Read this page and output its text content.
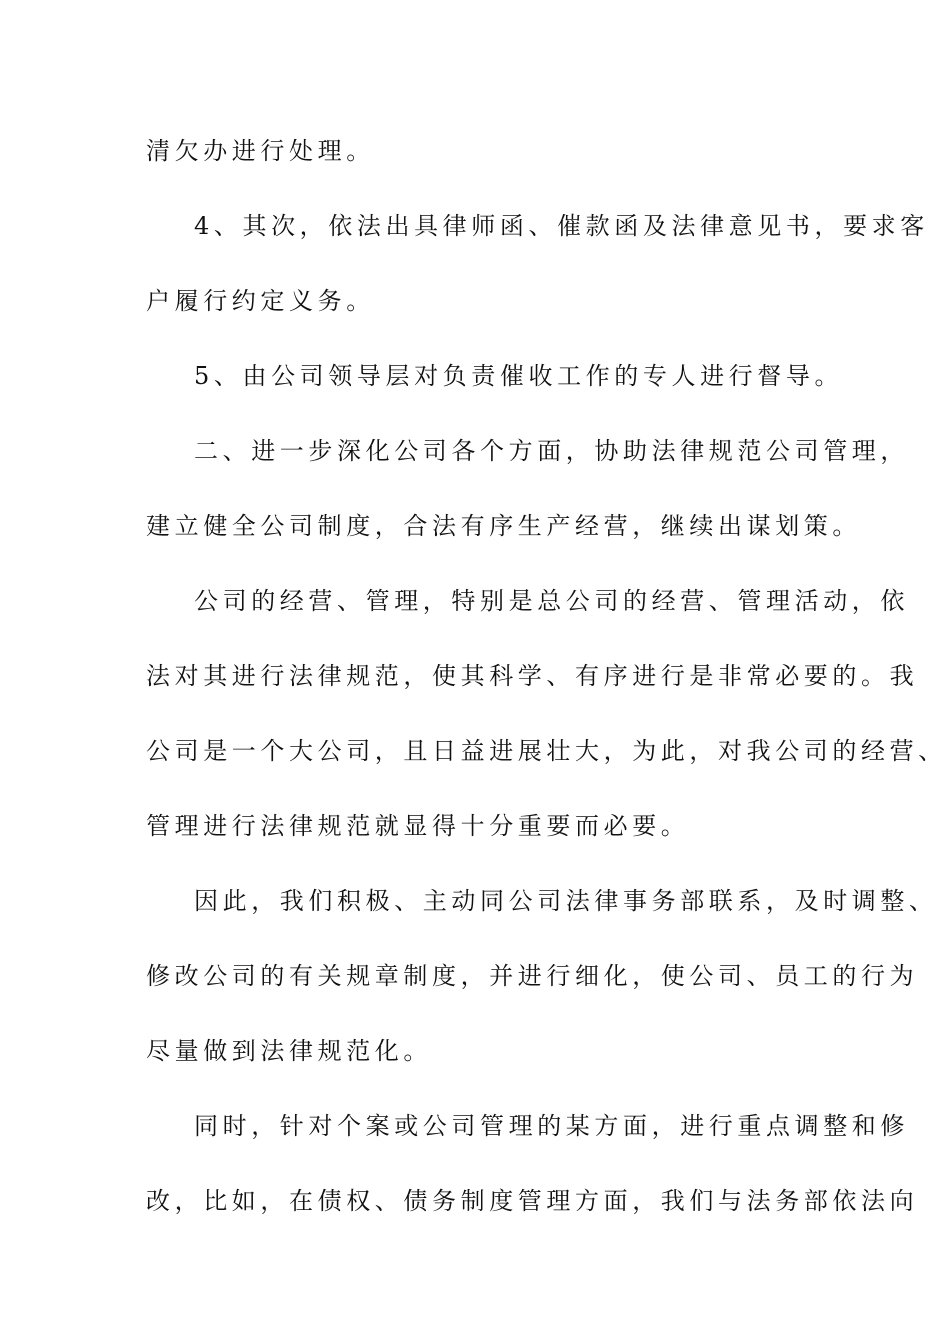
清欠办进行处理。
4、其次，依法出具律师函、催款函及法律意见书，要求客
户履行约定义务。
5、由公司领导层对负责催收工作的专人进行督导。
二、进一步深化公司各个方面，协助法律规范公司管理，
建立健全公司制度，合法有序生产经营，继续出谋划策。
公司的经营、管理，特别是总公司的经营、管理活动，依
法对其进行法律规范，使其科学、有序进行是非常必要的。我
公司是一个大公司，且日益进展壮大，为此，对我公司的经营、
管理进行法律规范就显得十分重要而必要。
因此，我们积极、主动同公司法律事务部联系，及时调整、
修改公司的有关规章制度，并进行细化，使公司、员工的行为
尽量做到法律规范化。
同时，针对个案或公司管理的某方面，进行重点调整和修
改，比如，在债权、债务制度管理方面，我们与法务部依法向
